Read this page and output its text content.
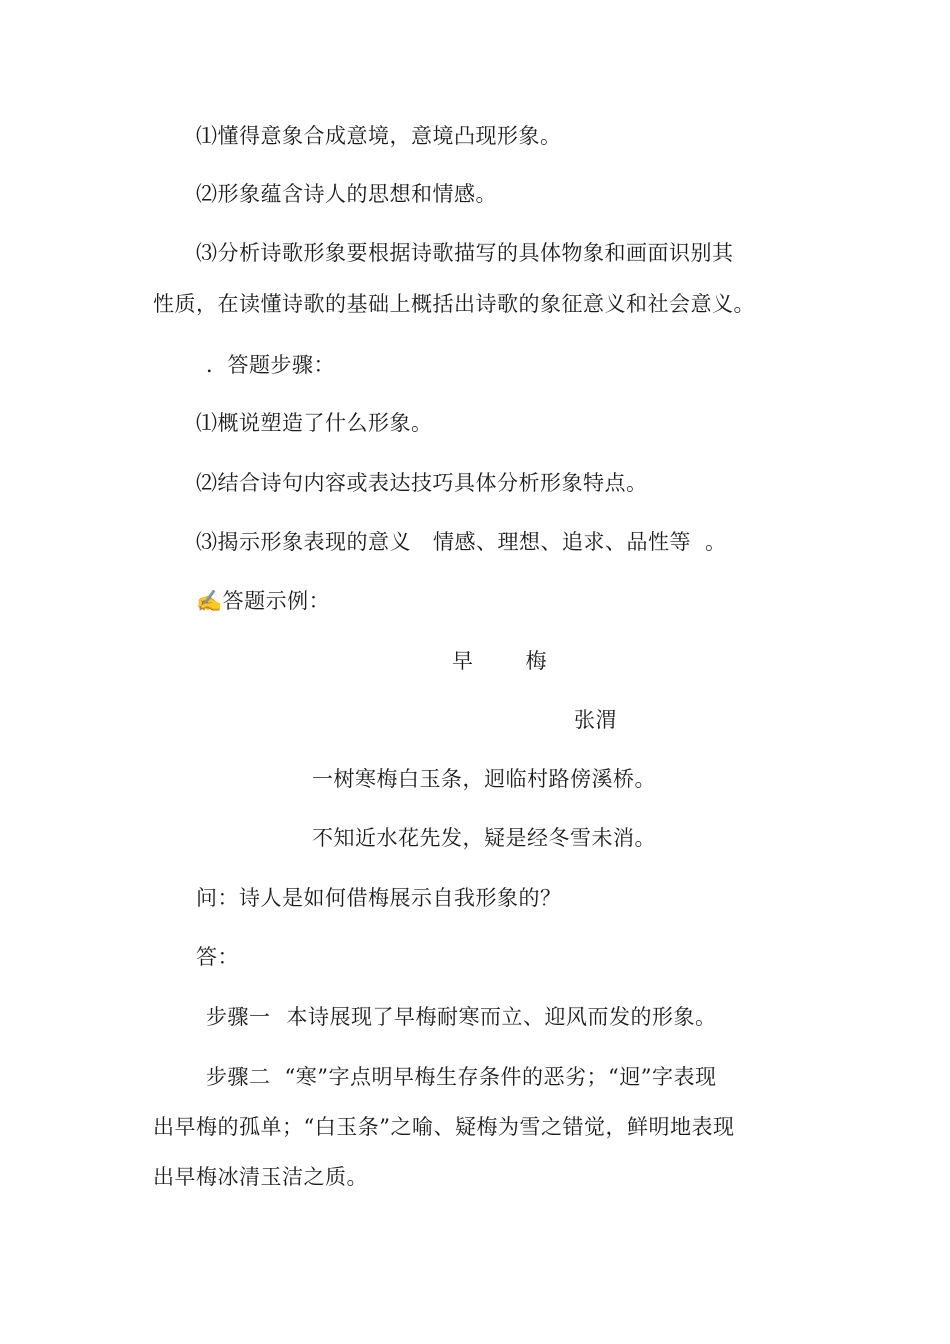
⑴懂得意象合成意境，意境凸现形象。
⑵形象蕴含诗人的思想和情感。
⑶分析诗歌形象要根据诗歌描写的具体物象和画面识别其
性质，在读懂诗歌的基础上概括出诗歌的象征意义和社会意义。
．答题步骤：
⑴概说塑造了什么形象。
⑵结合诗句内容或表达技巧具体分析形象特点。
⑶揭示形象表现的意义 情感、理想、追求、品性等 。
✍答题示例：
早 梅
张渭
一树寒梅白玉条，迥临村路傍溪桥。
不知近水花先发，疑是经冬雪未消。
问：诗人是如何借梅展示自我形象的？
答：
步骤一 本诗展现了早梅耐寒而立、迎风而发的形象。
步骤二 “寒”字点明早梅生存条件的恶劣；“迥”字表现
出早梅的孤单；“白玉条”之喻、疑梅为雪之错觉，鲜明地表现
出早梅冰清玉洁之质。
